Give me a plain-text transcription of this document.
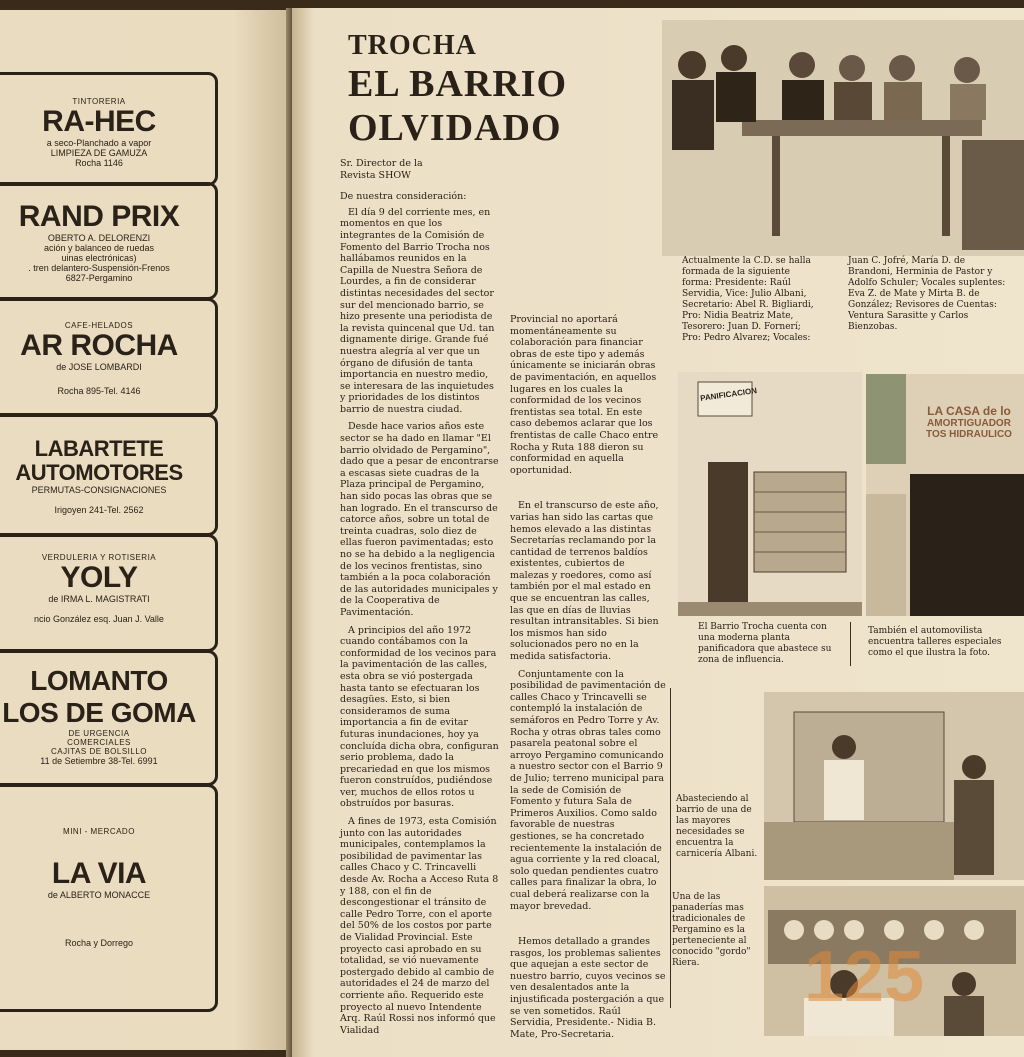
TINTORERIA
RA-HEC
a seco-Planchado a vapor
LIMPIEZA DE GAMUZA
Rocha 1146
RAND PRIX
OBERTO A. DELORENZI
ación y balanceo de ruedas
uinas electrónicas)
. tren delantero-Suspensión-Frenos
6827-Pergamino
CAFE-HELADOS
AR ROCHA
de JOSE LOMBARDI
Rocha 895-Tel. 4146
LABARTETE
AUTOMOTORES
PERMUTAS-CONSIGNACIONES
Irigoyen 241-Tel. 2562
VERDULERIA Y ROTISERIA
YOLY
de IRMA L. MAGISTRATI
ncio González esq. Juan J. Valle
LOMANTO
LOS DE GOMA
DE URGENCIA
COMERCIALES
CAJITAS DE BOLSILLO
11 de Setiembre 38-Tel. 6991
MINI - MERCADO
LA VIA
de ALBERTO MONACCE
Rocha y Dorrego
TROCHA
EL BARRIO
OLVIDADO
Sr. Director de la
Revista SHOW
De nuestra consideración:

El día 9 del corriente mes, en momentos en que los integrantes de la Comisión de Fomento del Barrio Trocha nos hallábamos reunidos en la Capilla de Nuestra Señora de Lourdes, a fin de considerar distintas necesidades del sector sur del mencionado barrio, se hizo presente una periodista de la revista quincenal que Ud. tan dignamente dirige. Grande fué nuestra alegría al ver que un órgano de difusión de tanta importancia en nuestro medio, se interesara de las inquietudes y prioridades de los distintos barrio de nuestra ciudad.

Desde hace varios años este sector se ha dado en llamar "El barrio olvidado de Pergamino", dado que a pesar de encontrarse a escasas siete cuadras de la Plaza principal de Pergamino, han sido pocas las obras que se han logrado. En el transcurso de catorce años, sobre un total de treinta cuadras, solo diez de ellas fueron pavimentadas; esto no se ha debido a la negligencia de los vecinos frentistas, sino también a la poca colaboración de las autoridades municipales y de la Cooperativa de Pavimentación.

A principios del año 1972 cuando contábamos con la conformidad de los vecinos para la pavimentación de las calles, esta obra se vió postergada hasta tanto se efectuaran los desagües. Esto, si bien consideramos de suma importancia a fin de evitar futuras inundaciones, hoy ya concluída dicha obra, configuran serio problema, dado la precariedad en que los mismos fueron construídos, pudiéndose ver, muchos de ellos rotos u obstruídos por basuras.

A fines de 1973, esta Comisión junto con las autoridades municipales, contemplamos la posibilidad de pavimentar las calles Chaco y C. Trincavelli desde Av. Rocha a Acceso Ruta 8 y 188, con el fin de descongestionar el tránsito de calle Pedro Torre, con el aporte del 50% de los costos por parte de Vialidad Provincial. Este proyecto casi aprobado en su totalidad, se vió nuevamente postergado debido al cambio de autoridades el 24 de marzo del corriente año. Requerido este proyecto al nuevo Intendente Arq. Raúl Rossi nos informó que Vialidad

Provincial no aportará momentáneamente su colaboración para financiar obras de este tipo y además únicamente se iniciarán obras de pavimentación, en aquellos lugares en los cuales la conformidad de los vecinos frentistas sea total. En este caso debemos aclarar que los frentistas de calle Chaco entre Rocha y Ruta 188 dieron su conformidad en aquella oportunidad.

En el transcurso de este año, varias han sido las cartas que hemos elevado a las distintas Secretarías reclamando por la cantidad de terrenos baldíos existentes, cubiertos de malezas y roedores, como así también por el mal estado en que se encuentran las calles, las que en días de lluvias resultan intransitables. Si bien los mismos han sido solucionados pero no en la medida satisfactoria.

Conjuntamente con la posibilidad de pavimentación de calles Chaco y Trincavelli se contempló la instalación de semáforos en Pedro Torre y Av. Rocha y otras obras tales como pasarela peatonal sobre el arroyo Pergamino comunicando a nuestro sector con el Barrio 9 de Julio; terreno municipal para la sede de Comisión de Fomento y futura Sala de Primeros Auxilios. Como saldo favorable de nuestras gestiones, se ha concretado recientemente la instalación de agua corriente y la red cloacal, solo quedan pendientes cuatro calles para finalizar la obra, lo cual deberá realizarse con la mayor brevedad.

Hemos detallado a grandes rasgos, los problemas salientes que aquejan a este sector de nuestro barrio, cuyos vecinos se ven desalentados ante la injustificada postergación a que se ven sometidos. Raúl Servidia, Presidente.- Nidia B. Mate, Pro-Secretaria.

Actualmente la C.D. se halla formada de la siguiente forma: Presidente: Raúl Servidia, Vice: Julio Albani, Secretario: Abel R. Bigliardi, Pro: Nidia Beatriz Mate, Tesorero: Juan D. Fornerí; Pro: Pedro Alvarez; Vocales:
Juan C. Jofré, María D. de Brandoni, Herminia de Pastor y Adolfo Schuler; Vocales suplentes: Eva Z. de Mate y Mirta B. de González; Revisores de Cuentas: Ventura Sarasitte y Carlos Bienzobas.
PANIFICACION
LA CASA de lo
AMORTIGUADOR
TOS HIDRAULICO
El Barrio Trocha cuenta con una moderna planta panificadora que abastece su zona de influencia.
También el automovilista encuentra talleres especiales como el que ilustra la foto.
Abasteciendo al barrio de una de las mayores necesidades se encuentra la carnicería Albani.
125
Una de las panaderías mas tradicionales de Pergamino es la perteneciente al conocido "gordo" Riera.
